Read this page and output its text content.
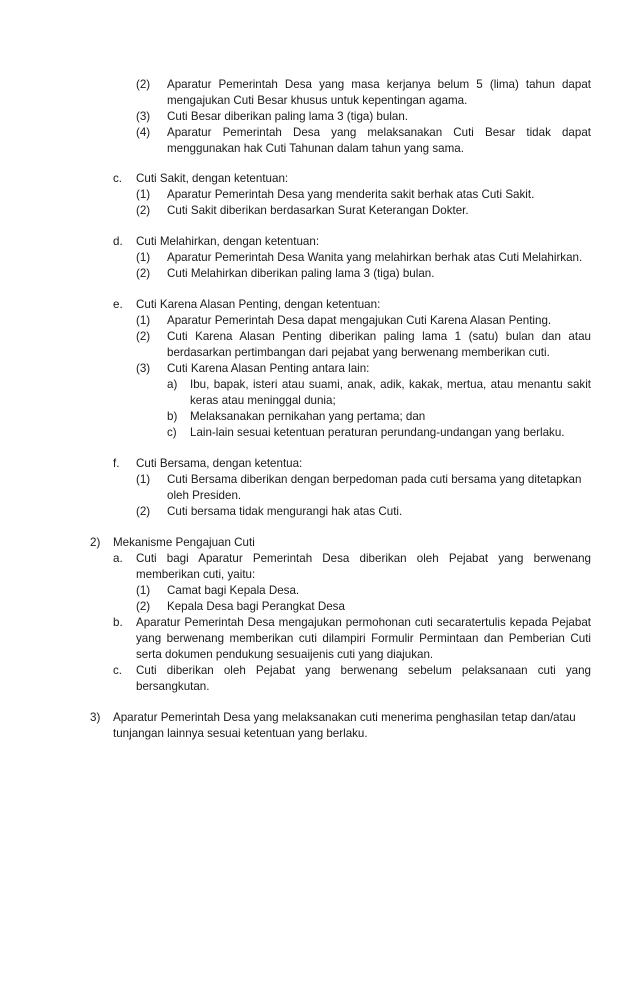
(2) Aparatur Pemerintah Desa yang masa kerjanya belum 5 (lima) tahun dapat
mengajukan Cuti Besar khusus untuk kepentingan agama.
(3) Cuti Besar diberikan paling lama 3 (tiga) bulan.
(4) Aparatur Pemerintah Desa yang melaksanakan Cuti Besar tidak dapat
menggunakan hak Cuti Tahunan dalam tahun yang sama.
c. Cuti Sakit, dengan ketentuan:
(1) Aparatur Pemerintah Desa yang menderita sakit berhak atas Cuti Sakit.
(2) Cuti Sakit diberikan berdasarkan Surat Keterangan Dokter.
d. Cuti Melahirkan, dengan ketentuan:
(1) Aparatur Pemerintah Desa Wanita yang melahirkan berhak atas Cuti Melahirkan.
(2) Cuti Melahirkan diberikan paling lama 3 (tiga) bulan.
e. Cuti Karena Alasan Penting, dengan ketentuan:
(1) Aparatur Pemerintah Desa dapat mengajukan Cuti Karena Alasan Penting.
(2) Cuti Karena Alasan Penting diberikan paling lama 1 (satu) bulan dan atau
berdasarkan pertimbangan dari pejabat yang berwenang memberikan cuti.
(3) Cuti Karena Alasan Penting antara lain:
a) Ibu, bapak, isteri atau suami, anak, adik, kakak, mertua, atau menantu sakit
keras atau meninggal dunia;
b) Melaksanakan pernikahan yang pertama; dan
c) Lain-lain sesuai ketentuan peraturan perundang-undangan yang berlaku.
f. Cuti Bersama, dengan ketentua:
(1) Cuti Bersama diberikan dengan berpedoman pada cuti bersama yang ditetapkan
oleh Presiden.
(2) Cuti bersama tidak mengurangi hak atas Cuti.
2) Mekanisme Pengajuan Cuti
a. Cuti bagi Aparatur Pemerintah Desa diberikan oleh Pejabat yang berwenang
memberikan cuti, yaitu:
(1) Camat bagi Kepala Desa.
(2) Kepala Desa bagi Perangkat Desa
b. Aparatur Pemerintah Desa mengajukan permohonan cuti secaratertulis kepada Pejabat
yang berwenang memberikan cuti dilampiri Formulir Permintaan dan Pemberian Cuti
serta dokumen pendukung sesuaijenis cuti yang diajukan.
c. Cuti diberikan oleh Pejabat yang berwenang sebelum pelaksanaan cuti yang
bersangkutan.
3) Aparatur Pemerintah Desa yang melaksanakan cuti menerima penghasilan tetap dan/atau
tunjangan lainnya sesuai ketentuan yang berlaku.
